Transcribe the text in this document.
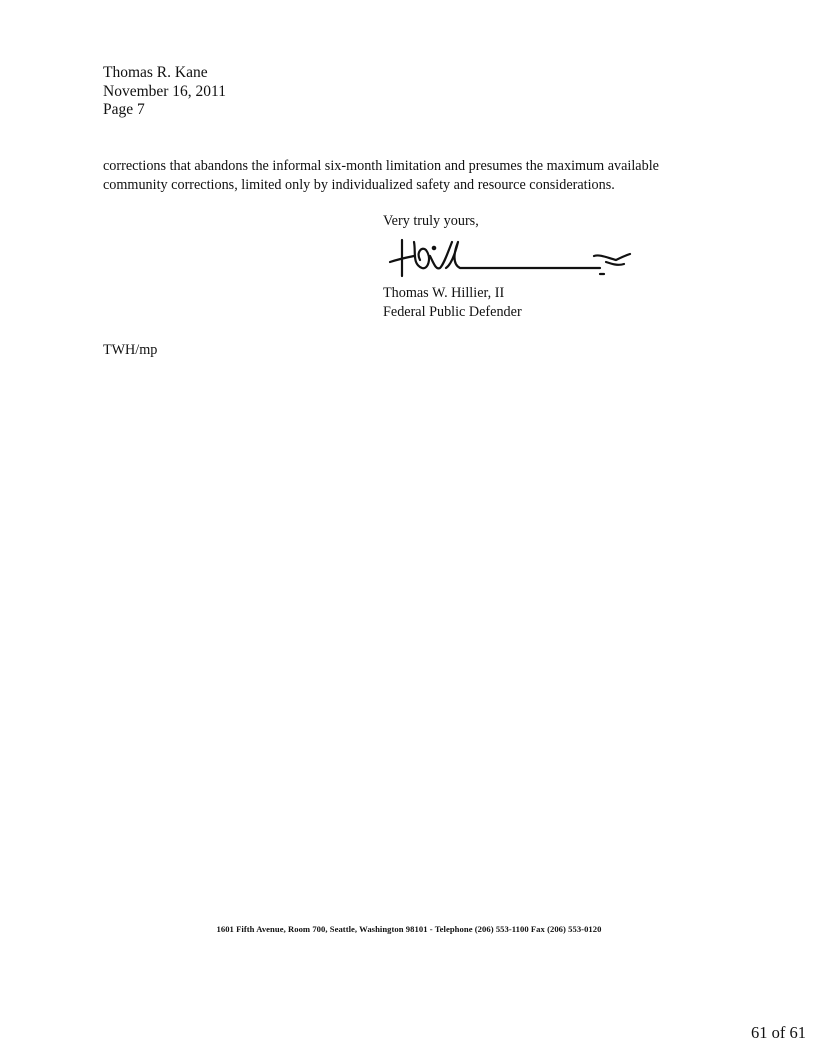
Thomas R. Kane
November 16, 2011
Page 7
corrections that abandons the informal six-month limitation and presumes the maximum available
community corrections, limited only by individualized safety and resource considerations.
Very truly yours,
Thomas W. Hillier, II
Federal Public Defender
TWH/mp
1601 Fifth Avenue, Room 700, Seattle, Washington 98101 - Telephone (206) 553-1100 Fax (206) 553-0120
61 of 61
